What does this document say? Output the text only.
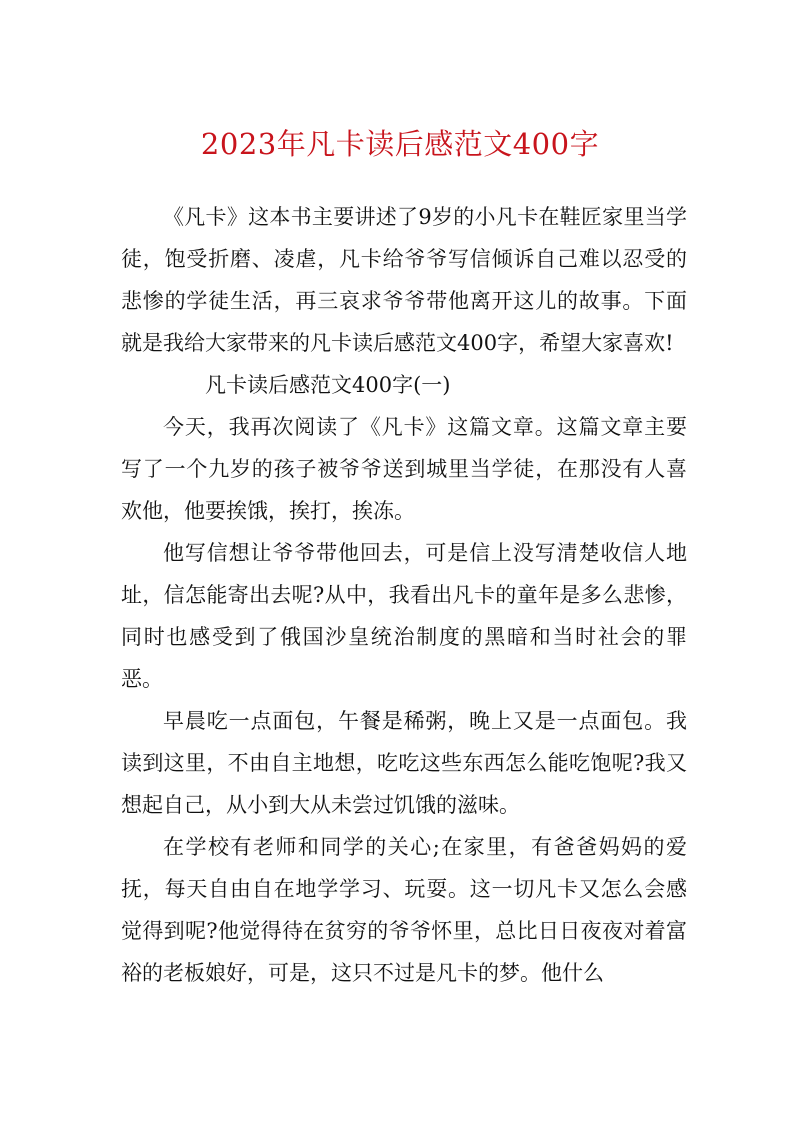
2023年凡卡读后感范文400字

《凡卡》这本书主要讲述了9岁的小凡卡在鞋匠家里当学徒，饱受折磨、凌虐，凡卡给爷爷写信倾诉自己难以忍受的悲惨的学徒生活，再三哀求爷爷带他离开这儿的故事。下面就是我给大家带来的凡卡读后感范文400字，希望大家喜欢!

凡卡读后感范文400字(一)

今天，我再次阅读了《凡卡》这篇文章。这篇文章主要写了一个九岁的孩子被爷爷送到城里当学徒，在那没有人喜欢他，他要挨饿，挨打，挨冻。

他写信想让爷爷带他回去，可是信上没写清楚收信人地址，信怎能寄出去呢?从中，我看出凡卡的童年是多么悲惨，同时也感受到了俄国沙皇统治制度的黑暗和当时社会的罪恶。

早晨吃一点面包，午餐是稀粥，晚上又是一点面包。我读到这里，不由自主地想，吃吃这些东西怎么能吃饱呢?我又想起自己，从小到大从未尝过饥饿的滋味。

在学校有老师和同学的关心;在家里，有爸爸妈妈的爱抚，每天自由自在地学学习、玩耍。这一切凡卡又怎么会感觉得到呢?他觉得待在贫穷的爷爷怀里，总比日日夜夜对着富裕的老板娘好，可是，这只不过是凡卡的梦。他什么
